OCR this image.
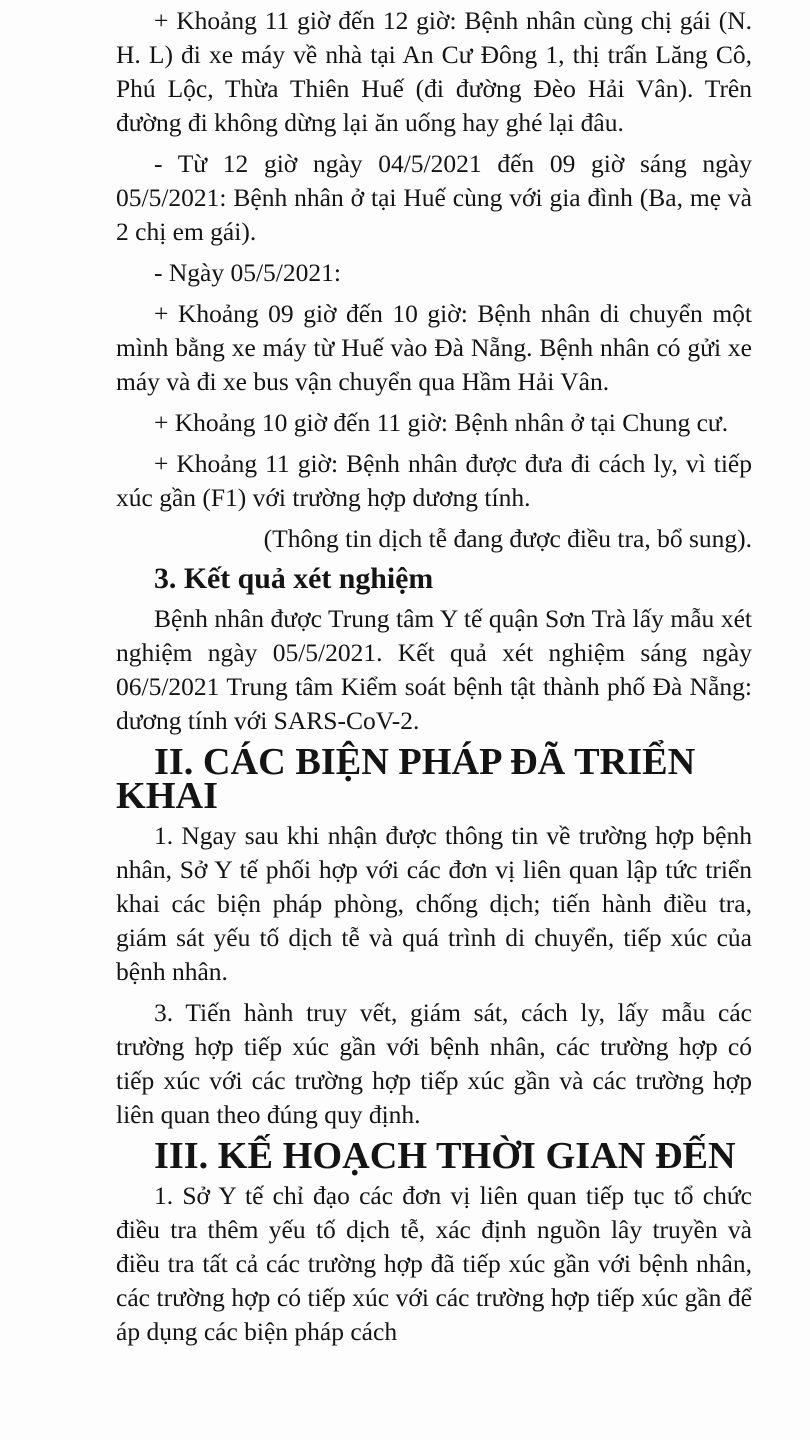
+ Khoảng 11 giờ đến 12 giờ: Bệnh nhân cùng chị gái (N. H. L) đi xe máy về nhà tại An Cư Đông 1, thị trấn Lăng Cô, Phú Lộc, Thừa Thiên Huế (đi đường Đèo Hải Vân). Trên đường đi không dừng lại ăn uống hay ghé lại đâu.

- Từ 12 giờ ngày 04/5/2021 đến 09 giờ sáng ngày 05/5/2021: Bệnh nhân ở tại Huế cùng với gia đình (Ba, mẹ và 2 chị em gái).

- Ngày 05/5/2021:

+ Khoảng 09 giờ đến 10 giờ: Bệnh nhân di chuyển một mình bằng xe máy từ Huế vào Đà Nẵng. Bệnh nhân có gửi xe máy và đi xe bus vận chuyển qua Hầm Hải Vân.

+ Khoảng 10 giờ đến 11 giờ: Bệnh nhân ở tại Chung cư.

+ Khoảng 11 giờ: Bệnh nhân được đưa đi cách ly, vì tiếp xúc gần (F1) với trường hợp dương tính.

(Thông tin dịch tễ đang được điều tra, bổ sung).

3. Kết quả xét nghiệm

Bệnh nhân được Trung tâm Y tế quận Sơn Trà lấy mẫu xét nghiệm ngày 05/5/2021. Kết quả xét nghiệm sáng ngày 06/5/2021 Trung tâm Kiểm soát bệnh tật thành phố Đà Nẵng: dương tính với SARS-CoV-2.

II. CÁC BIỆN PHÁP ĐÃ TRIỂN KHAI

1. Ngay sau khi nhận được thông tin về trường hợp bệnh nhân, Sở Y tế phối hợp với các đơn vị liên quan lập tức triển khai các biện pháp phòng, chống dịch; tiến hành điều tra, giám sát yếu tố dịch tễ và quá trình di chuyển, tiếp xúc của bệnh nhân.

3. Tiến hành truy vết, giám sát, cách ly, lấy mẫu các trường hợp tiếp xúc gần với bệnh nhân, các trường hợp có tiếp xúc với các trường hợp tiếp xúc gần và các trường hợp liên quan theo đúng quy định.

III. KẾ HOẠCH THỜI GIAN ĐẾN

1. Sở Y tế chỉ đạo các đơn vị liên quan tiếp tục tổ chức điều tra thêm yếu tố dịch tễ, xác định nguồn lây truyền và điều tra tất cả các trường hợp đã tiếp xúc gần với bệnh nhân, các trường hợp có tiếp xúc với các trường hợp tiếp xúc gần để áp dụng các biện pháp cách
